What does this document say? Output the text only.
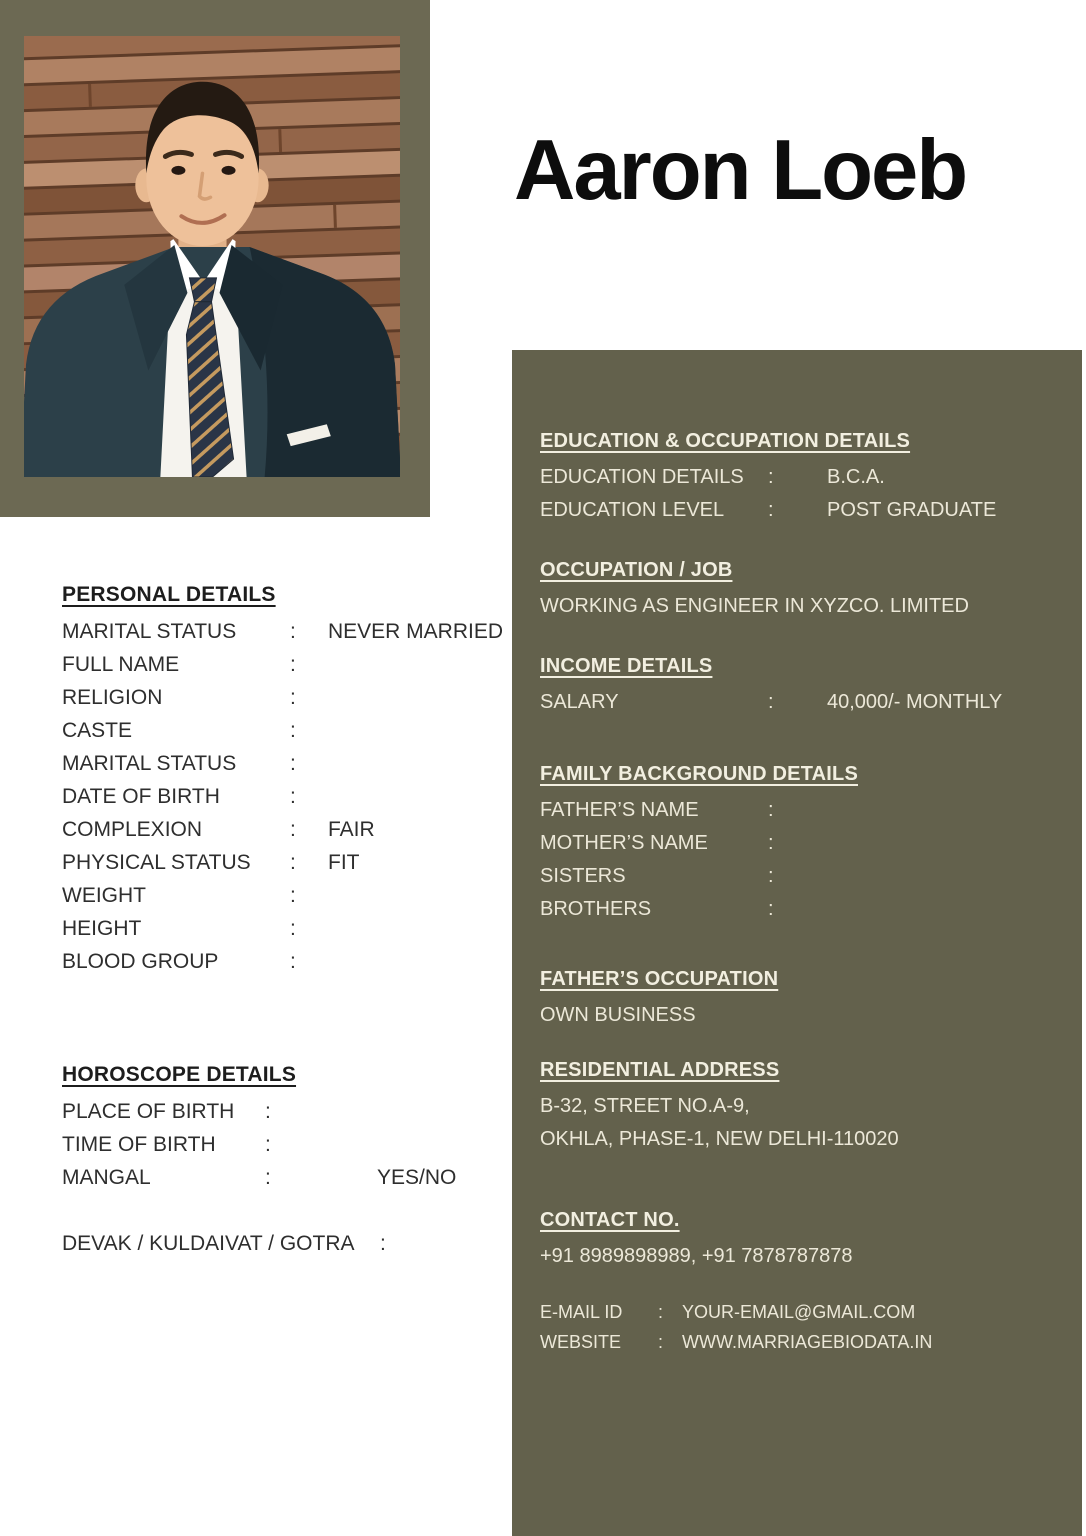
Aaron Loeb
PERSONAL DETAILS
MARITAL STATUS	:	NEVER MARRIED
FULL NAME	:
RELIGION	:
CASTE	:
MARITAL STATUS	:
DATE OF BIRTH	:
COMPLEXION	:	FAIR
PHYSICAL STATUS	:	FIT
WEIGHT	:
HEIGHT	:
BLOOD GROUP	:
HOROSCOPE DETAILS
PLACE OF BIRTH	:
TIME OF BIRTH	:
MANGAL	:	YES/NO
DEVAK / KULDAIVAT / GOTRA	:
EDUCATION & OCCUPATION DETAILS
EDUCATION DETAILS	:	B.C.A.
EDUCATION LEVEL	:	POST GRADUATE
OCCUPATION / JOB
WORKING AS ENGINEER IN XYZCO. LIMITED
INCOME DETAILS
SALARY	:	40,000/- MONTHLY
FAMILY BACKGROUND DETAILS
FATHER’S NAME	:
MOTHER’S NAME	:
SISTERS	:
BROTHERS	:
FATHER’S OCCUPATION
OWN BUSINESS
RESIDENTIAL ADDRESS
B-32, STREET NO.A-9,
OKHLA, PHASE-1, NEW DELHI-110020
CONTACT NO.
+91 8989898989, +91 7878787878
E-MAIL ID	:	YOUR-EMAIL@GMAIL.COM
WEBSITE	:	WWW.MARRIAGEBIODATA.IN
